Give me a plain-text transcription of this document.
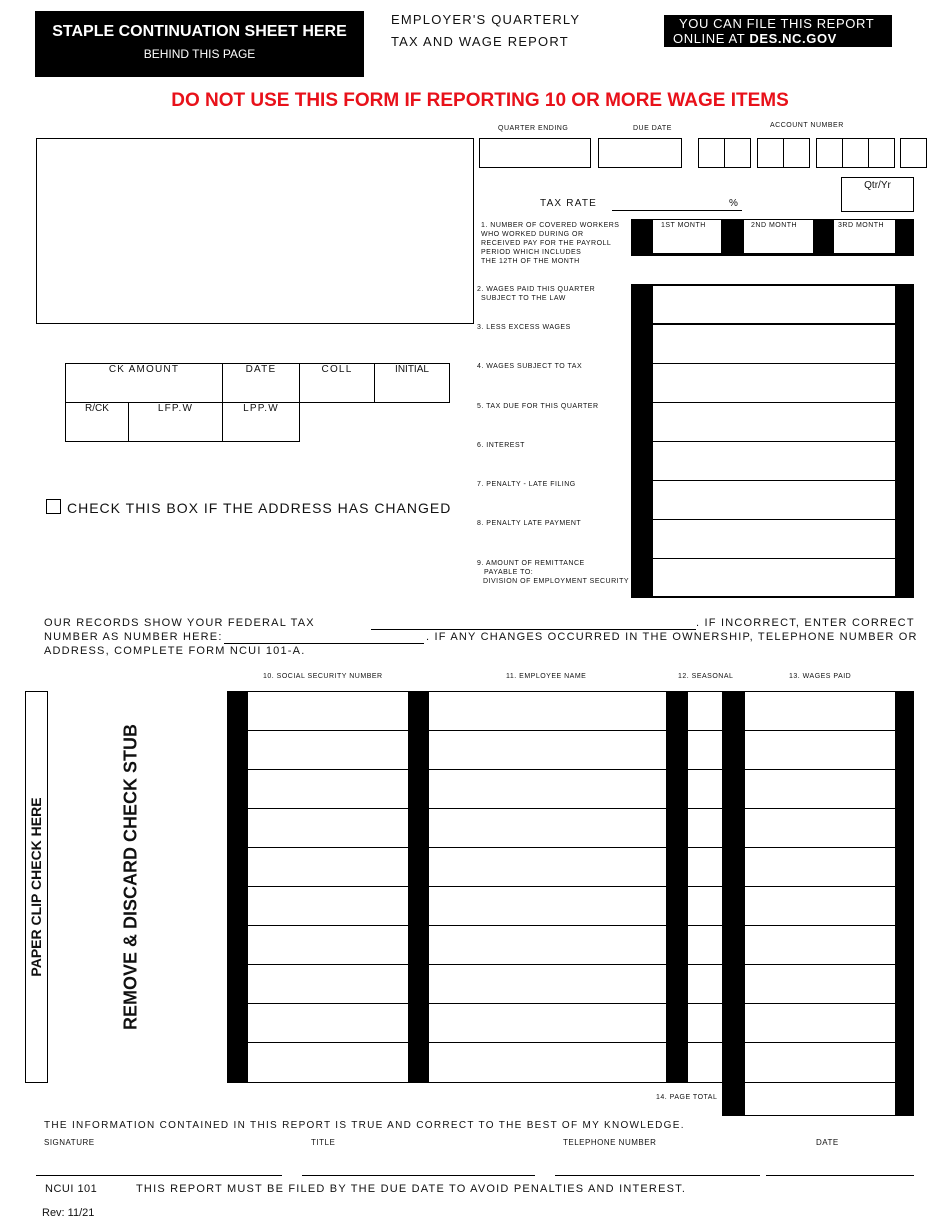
STAPLE CONTINUATION SHEET HERE
BEHIND THIS PAGE
EMPLOYER'S QUARTERLY
TAX AND WAGE REPORT
YOU CAN FILE THIS REPORT
ONLINE AT DES.NC.GOV
DO NOT USE THIS FORM IF REPORTING 10 OR MORE WAGE ITEMS
QUARTER ENDING	DUE DATE	ACCOUNT NUMBER
Qtr/Yr
TAX RATE	%
1. NUMBER OF COVERED WORKERS
WHO WORKED DURING OR
RECEIVED PAY FOR THE PAYROLL
PERIOD WHICH INCLUDES
THE 12TH OF THE MONTH
1ST MONTH	2ND MONTH	3RD MONTH
2. WAGES PAID THIS QUARTER
SUBJECT TO THE LAW
3. LESS EXCESS WAGES
4. WAGES SUBJECT TO TAX
5. TAX DUE FOR THIS QUARTER
6. INTEREST
7. PENALTY - LATE FILING
8. PENALTY LATE PAYMENT
9. AMOUNT OF REMITTANCE
PAYABLE TO:
DIVISION OF EMPLOYMENT SECURITY
CK AMOUNT	DATE	COLL	INITIAL
R/CK	LFP.W	LPP.W
CHECK THIS BOX IF THE ADDRESS HAS CHANGED
OUR RECORDS SHOW YOUR FEDERAL TAX	. IF INCORRECT, ENTER CORRECT
NUMBER AS NUMBER HERE:	. IF ANY CHANGES OCCURRED IN THE OWNERSHIP, TELEPHONE NUMBER OR
ADDRESS, COMPLETE FORM NCUI 101-A.
PAPER CLIP CHECK HERE	REMOVE & DISCARD CHECK STUB
10. SOCIAL SECURITY NUMBER	11. EMPLOYEE NAME	12. SEASONAL	13. WAGES PAID
14. PAGE TOTAL
THE INFORMATION CONTAINED IN THIS REPORT IS TRUE AND CORRECT TO THE BEST OF MY KNOWLEDGE.
SIGNATURE	TITLE	TELEPHONE NUMBER	DATE
NCUI 101	THIS REPORT MUST BE FILED BY THE DUE DATE TO AVOID PENALTIES AND INTEREST.
Rev: 11/21
